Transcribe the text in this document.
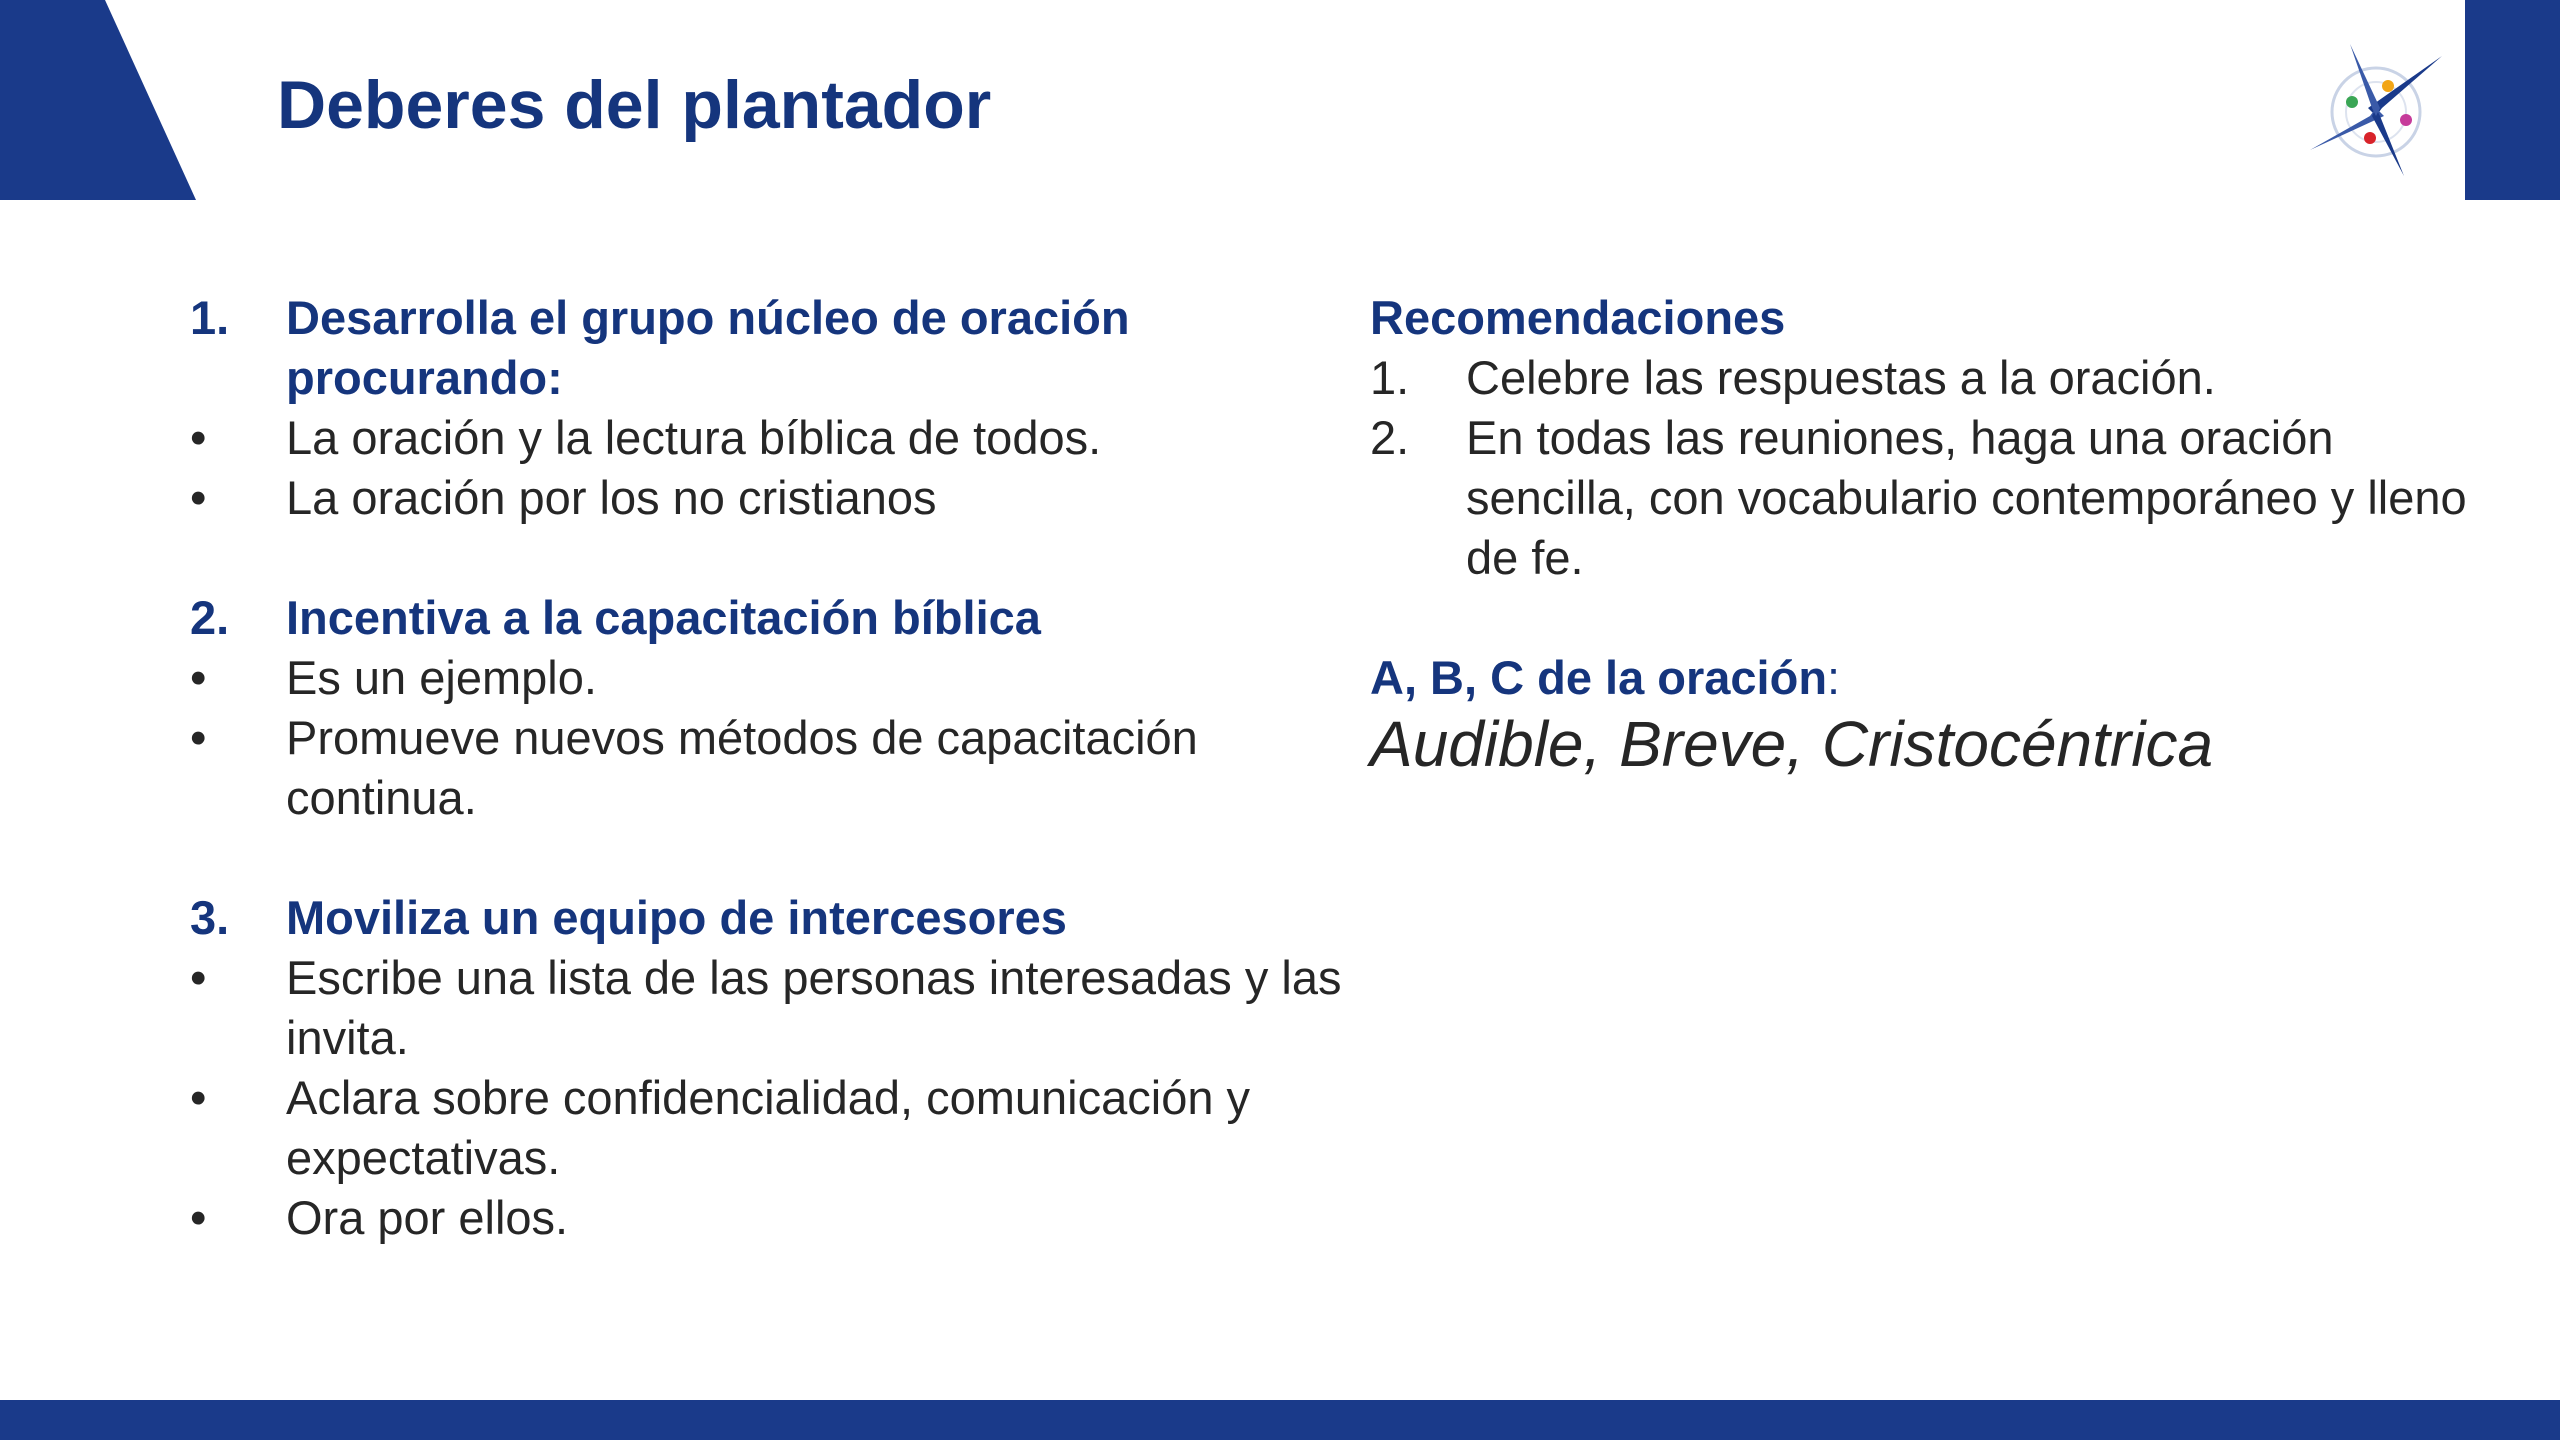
Deberes del plantador
1.	Desarrolla el grupo núcleo de oración procurando:
•	La oración y la lectura bíblica de todos.
•	La oración por los no cristianos
2.	Incentiva a la capacitación bíblica
•	Es un ejemplo.
•	Promueve nuevos métodos de capacitación continua.
3.	Moviliza un equipo de intercesores
•	Escribe una lista de las personas interesadas y las invita.
•	Aclara sobre confidencialidad, comunicación y expectativas.
•	Ora por ellos.
Recomendaciones
1.	Celebre las respuestas a la oración.
2.	En todas las reuniones, haga una oración sencilla, con vocabulario contemporáneo y lleno de fe.
A, B, C de la oración:
Audible, Breve, Cristocéntrica
